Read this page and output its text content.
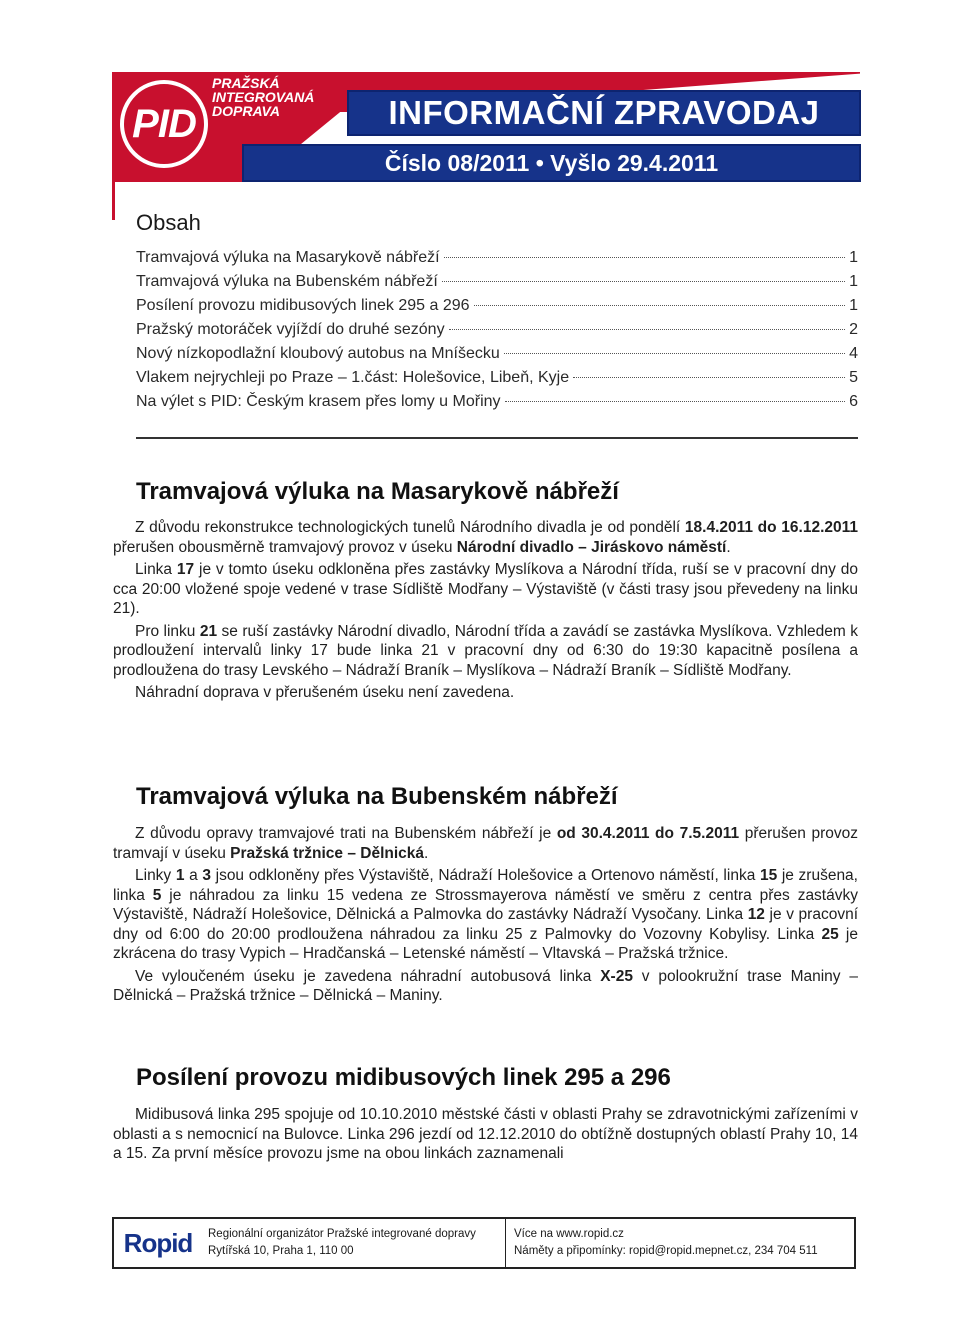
PID
PRAŽSKÁ
INTEGROVANÁ
DOPRAVA	INFORMAČNÍ ZPRAVODAJ
Číslo 08/2011 • Vyšlo 29.4.2011
Obsah
Tramvajová výluka na Masarykově nábřeží	1
Tramvajová výluka na Bubenském nábřeží	1
Posílení provozu midibusových linek 295 a 296	1
Pražský motoráček vyjíždí do druhé sezóny	2
Nový nízkopodlažní kloubový autobus na Mníšecku	4
Vlakem nejrychleji po Praze – 1.část: Holešovice, Libeň, Kyje	5
Na výlet s PID: Českým krasem přes lomy u Mořiny	6
Tramvajová výluka na Masarykově nábřeží

Z důvodu rekonstrukce technologických tunelů Národního divadla je od pondělí 18.4.2011 do 16.12.2011 přerušen obousměrně tramvajový provoz v úseku Národní divadlo – Jiráskovo náměstí.

Linka 17 je v tomto úseku odkloněna přes zastávky Myslíkova a Národní třída, ruší se v pracovní dny do cca 20:00 vložené spoje vedené v trase Sídliště Modřany – Výstaviště (v části trasy jsou převedeny na linku 21).

Pro linku 21 se ruší zastávky Národní divadlo, Národní třída a zavádí se zastávka Myslíkova. Vzhledem k prodloužení intervalů linky 17 bude linka 21 v pracovní dny od 6:30 do 19:30 kapacitně posílena a prodloužena do trasy Levského – Nádraží Braník – Myslíkova – Nádraží Braník – Sídliště Modřany.

Náhradní doprava v přerušeném úseku není zavedena.

Tramvajová výluka na Bubenském nábřeží

Z důvodu opravy tramvajové trati na Bubenském nábřeží je od 30.4.2011 do 7.5.2011 přerušen provoz tramvají v úseku Pražská tržnice – Dělnická.

Linky 1 a 3 jsou odkloněny přes Výstaviště, Nádraží Holešovice a Ortenovo náměstí, linka 15 je zrušena, linka 5 je náhradou za linku 15 vedena ze Strossmayerova náměstí ve směru z centra přes zastávky Výstaviště, Nádraží Holešovice, Dělnická a Palmovka do zastávky Nádraží Vysočany. Linka 12 je v pracovní dny od 6:00 do 20:00 prodloužena náhradou za linku 25 z Palmovky do Vozovny Kobylisy. Linka 25 je zkrácena do trasy Vypich – Hradčanská – Letenské náměstí – Vltavská – Pražská tržnice.

Ve vyloučeném úseku je zavedena náhradní autobusová linka X-25 v polookružní trase Maniny – Dělnická – Pražská tržnice – Dělnická – Maniny.

Posílení provozu midibusových linek 295 a 296

Midibusová linka 295 spojuje od 10.10.2010 městské části v oblasti Prahy se zdravotnickými zařízeními v oblasti a s nemocnicí na Bulovce. Linka 296 jezdí od 12.12.2010 do obtížně dostupných oblastí Prahy 10, 14 a 15. Za první měsíce provozu jsme na obou linkách zaznamenali

Ropid Regionální organizátor Pražské integrované dopravy
Rytířská 10, Praha 1, 110 00
Více na www.ropid.cz
Náměty a připomínky: ropid@ropid.mepnet.cz, 234 704 511
